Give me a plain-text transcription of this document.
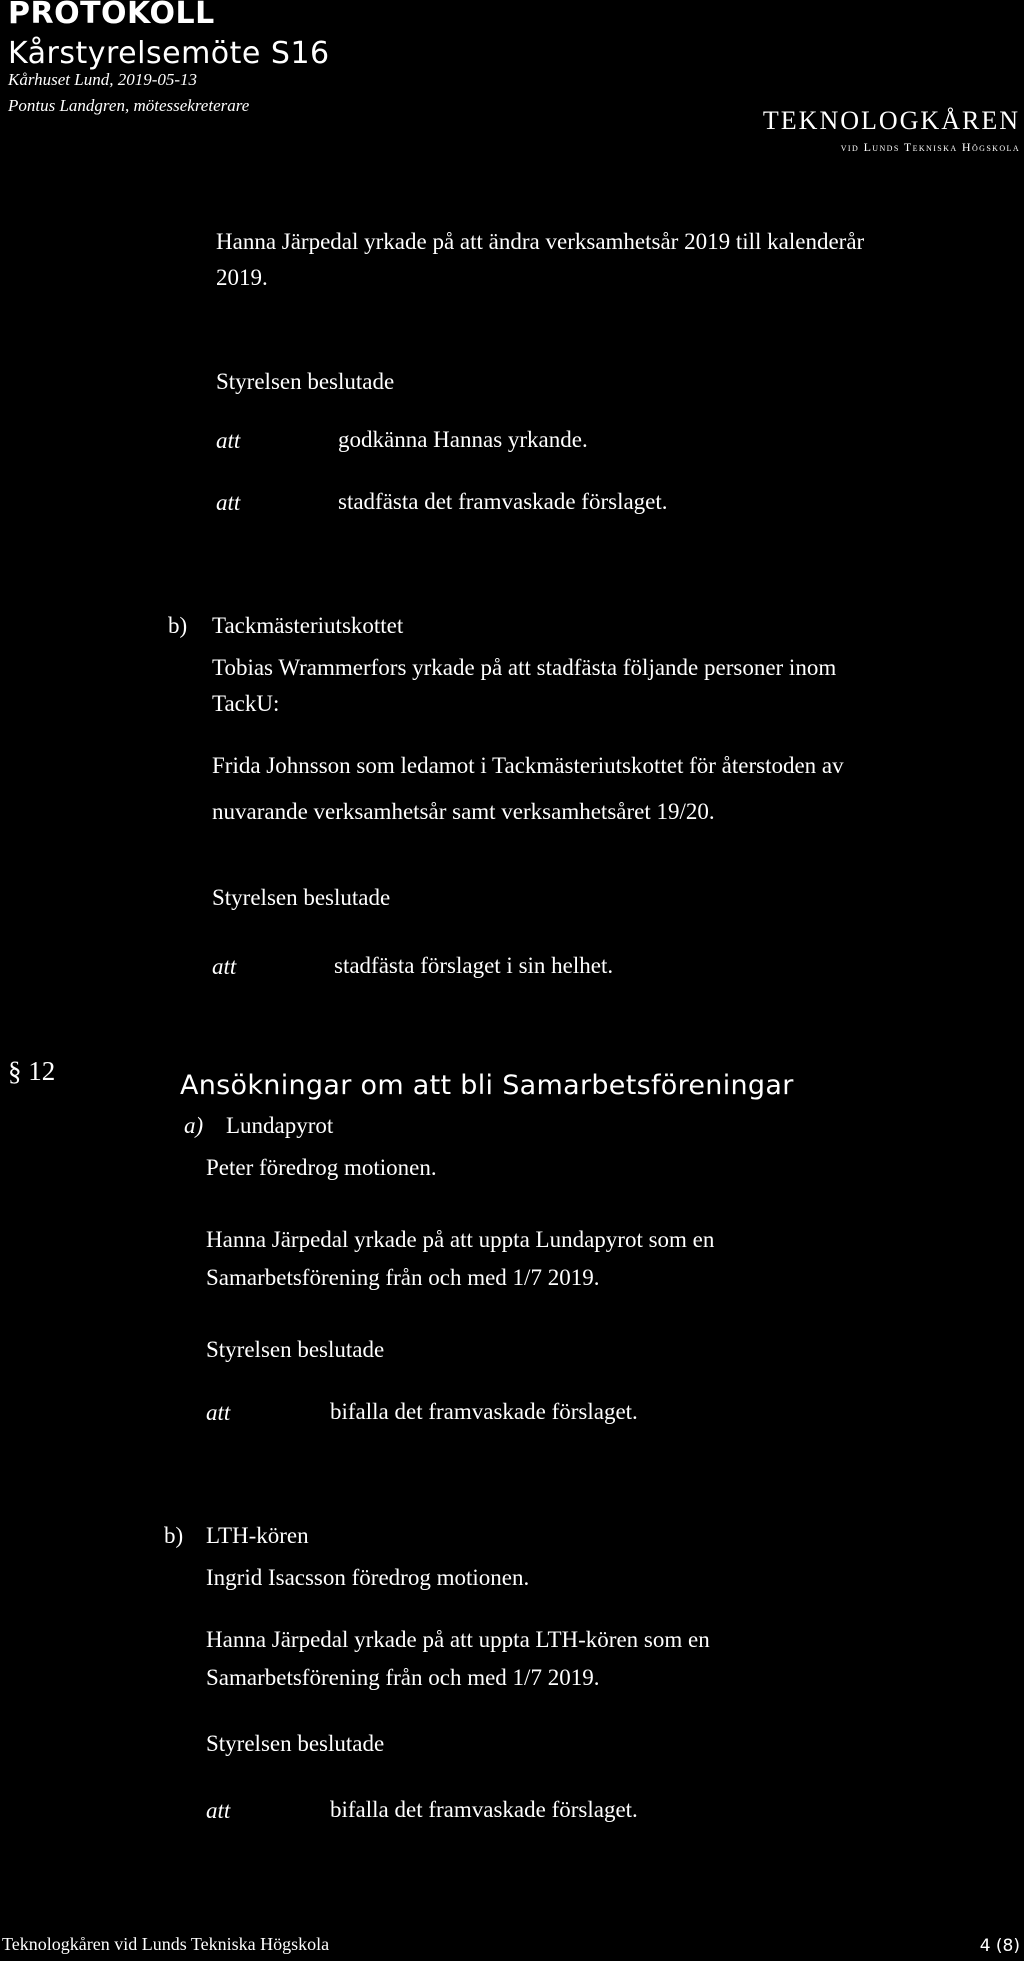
PROTOKOLL
Kårstyrelsemöte S16
Kårhuset Lund, 2019-05-13
Pontus Landgren, mötessekreterare
TEKNOLOGKÅREN
vid Lunds Tekniska Högskola
Hanna Järpedal yrkade på att ändra verksamhetsår 2019 till kalenderår
2019.
Styrelsen beslutade
att	godkänna Hannas yrkande.
att	stadfästa det framvaskade förslaget.
b) Tackmästeriutskottet
Tobias Wrammerfors yrkade på att stadfästa följande personer inom
TackU:
Frida Johnsson som ledamot i Tackmästeriutskottet för återstoden av
nuvarande verksamhetsår samt verksamhetsåret 19/20.
Styrelsen beslutade
att	stadfästa förslaget i sin helhet.
§ 12	Ansökningar om att bli Samarbetsföreningar
a) Lundapyrot
Peter föredrog motionen.
Hanna Järpedal yrkade på att uppta Lundapyrot som en
Samarbetsförening från och med 1/7 2019.
Styrelsen beslutade
att	bifalla det framvaskade förslaget.
b) LTH-kören
Ingrid Isacsson föredrog motionen.
Hanna Järpedal yrkade på att uppta LTH-kören som en
Samarbetsförening från och med 1/7 2019.
Styrelsen beslutade
att	bifalla det framvaskade förslaget.
Teknologkåren vid Lunds Tekniska Högskola	4 (8)
